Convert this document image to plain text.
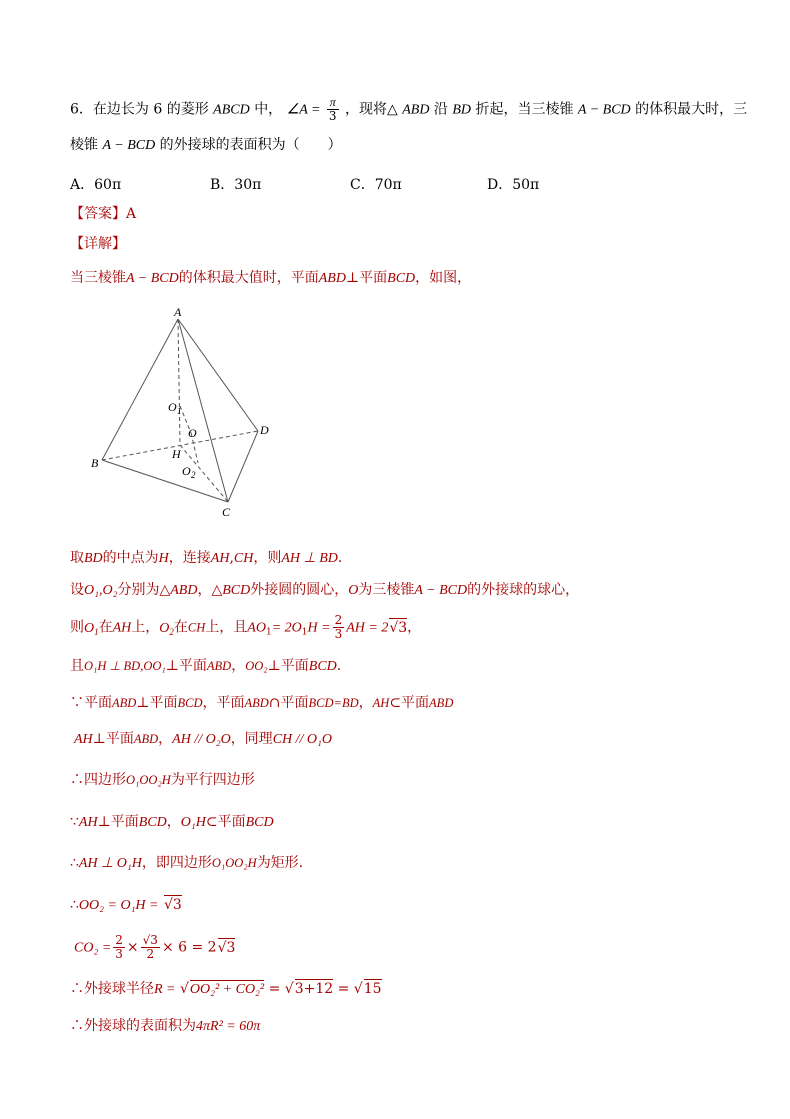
6．在边长为 6 的菱形 ABCD 中， ∠A = $\frac{\pi}{3}$ ，现将△ ABD 沿 BD 折起，当三棱锥 A − BCD 的体积最大时，三
棱锥 A − BCD 的外接球的表面积为（　　）
A．60π	B．30π	C．70π	D．50π
【答案】A
【详解】
当三棱锥A − BCD的体积最大值时，平面ABD⊥平面BCD，如图，
A
B
C
D
O
O 1
H
O 2
取BD的中点为H，连接AH,CH，则AH ⊥ BD.
设O₁,O₂分别为△ABD，△BCD外接圆的圆心，O为三棱锥A − BCD的外接球的球心，
则$O_1$在AH上，$O_2$在CH上，且$AO_1= 2O_1H = \frac{2}{3}$ AH = 2√3，
且O₁H ⊥ BD,OO₁⊥平面ABD，OO₂⊥平面BCD.
∵平面ABD⊥平面BCD，平面ABD∩平面BCD=BD，AH⊂平面ABD
AH⊥平面ABD，AH // O₂O，同理CH // O₁O
∴四边形O₁OO₂H为平行四边形
∵AH⊥平面BCD，O₁H⊂平面BCD
∴AH ⊥ O₁H，即四边形O₁OO₂H为矩形.
∴OO₂ = O₁H = √3
$CO_2 = \frac{2}{3} \times \frac{√3}{2} \times 6 = 2√3$
∴外接球半径R = √OO₂² + CO₂² = √3+12 = √15
∴外接球的表面积为4πR² = 60π
